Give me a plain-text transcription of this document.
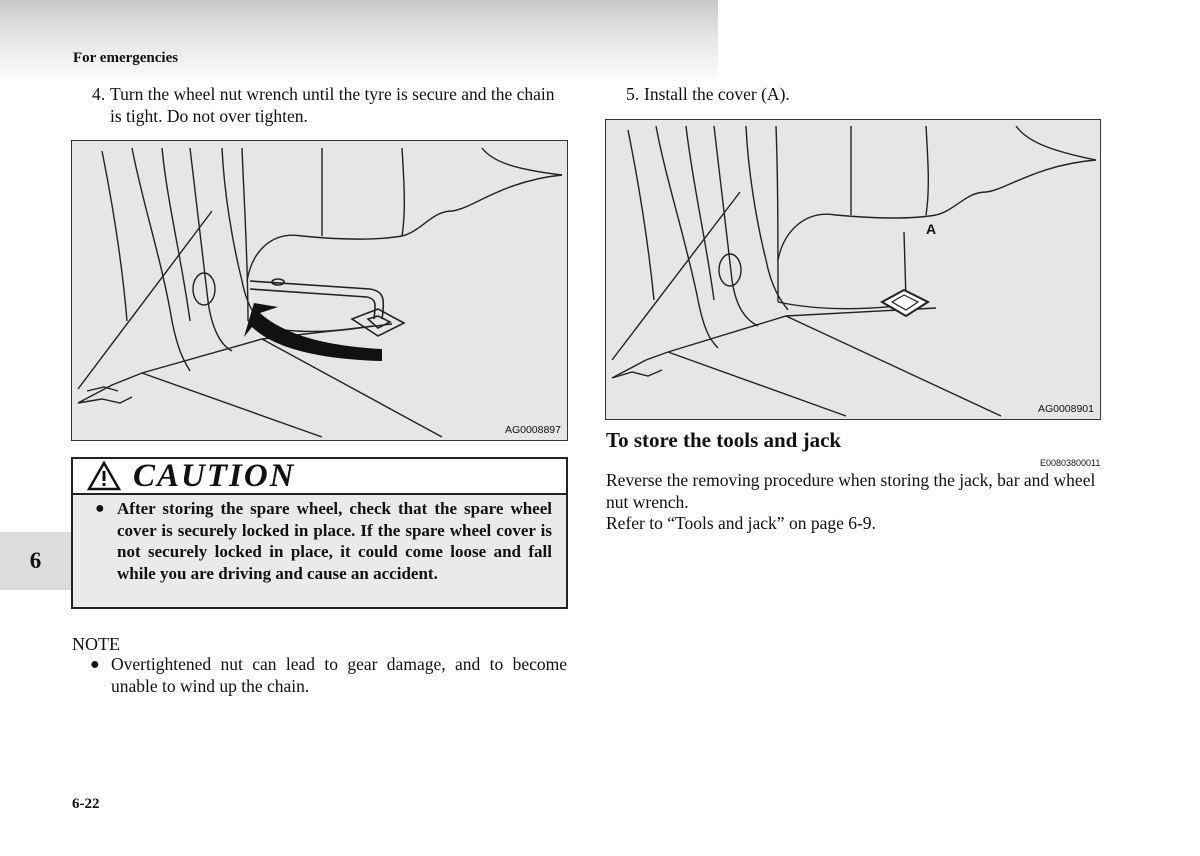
For emergencies
4. Turn the wheel nut wrench until the tyre is secure and the chain is tight. Do not over tighten.
AG0008897
CAUTION
● After storing the spare wheel, check that the spare wheel cover is securely locked in place. If the spare wheel cover is not securely locked in place, it could come loose and fall while you are driving and cause an accident.
NOTE
● Overtightened nut can lead to gear damage, and to become unable to wind up the chain.
6
5. Install the cover (A).
A
AG0008901
To store the tools and jack
E00803800011
Reverse the removing procedure when storing the jack, bar and wheel nut wrench.
Refer to “Tools and jack” on page 6-9.
6-22
